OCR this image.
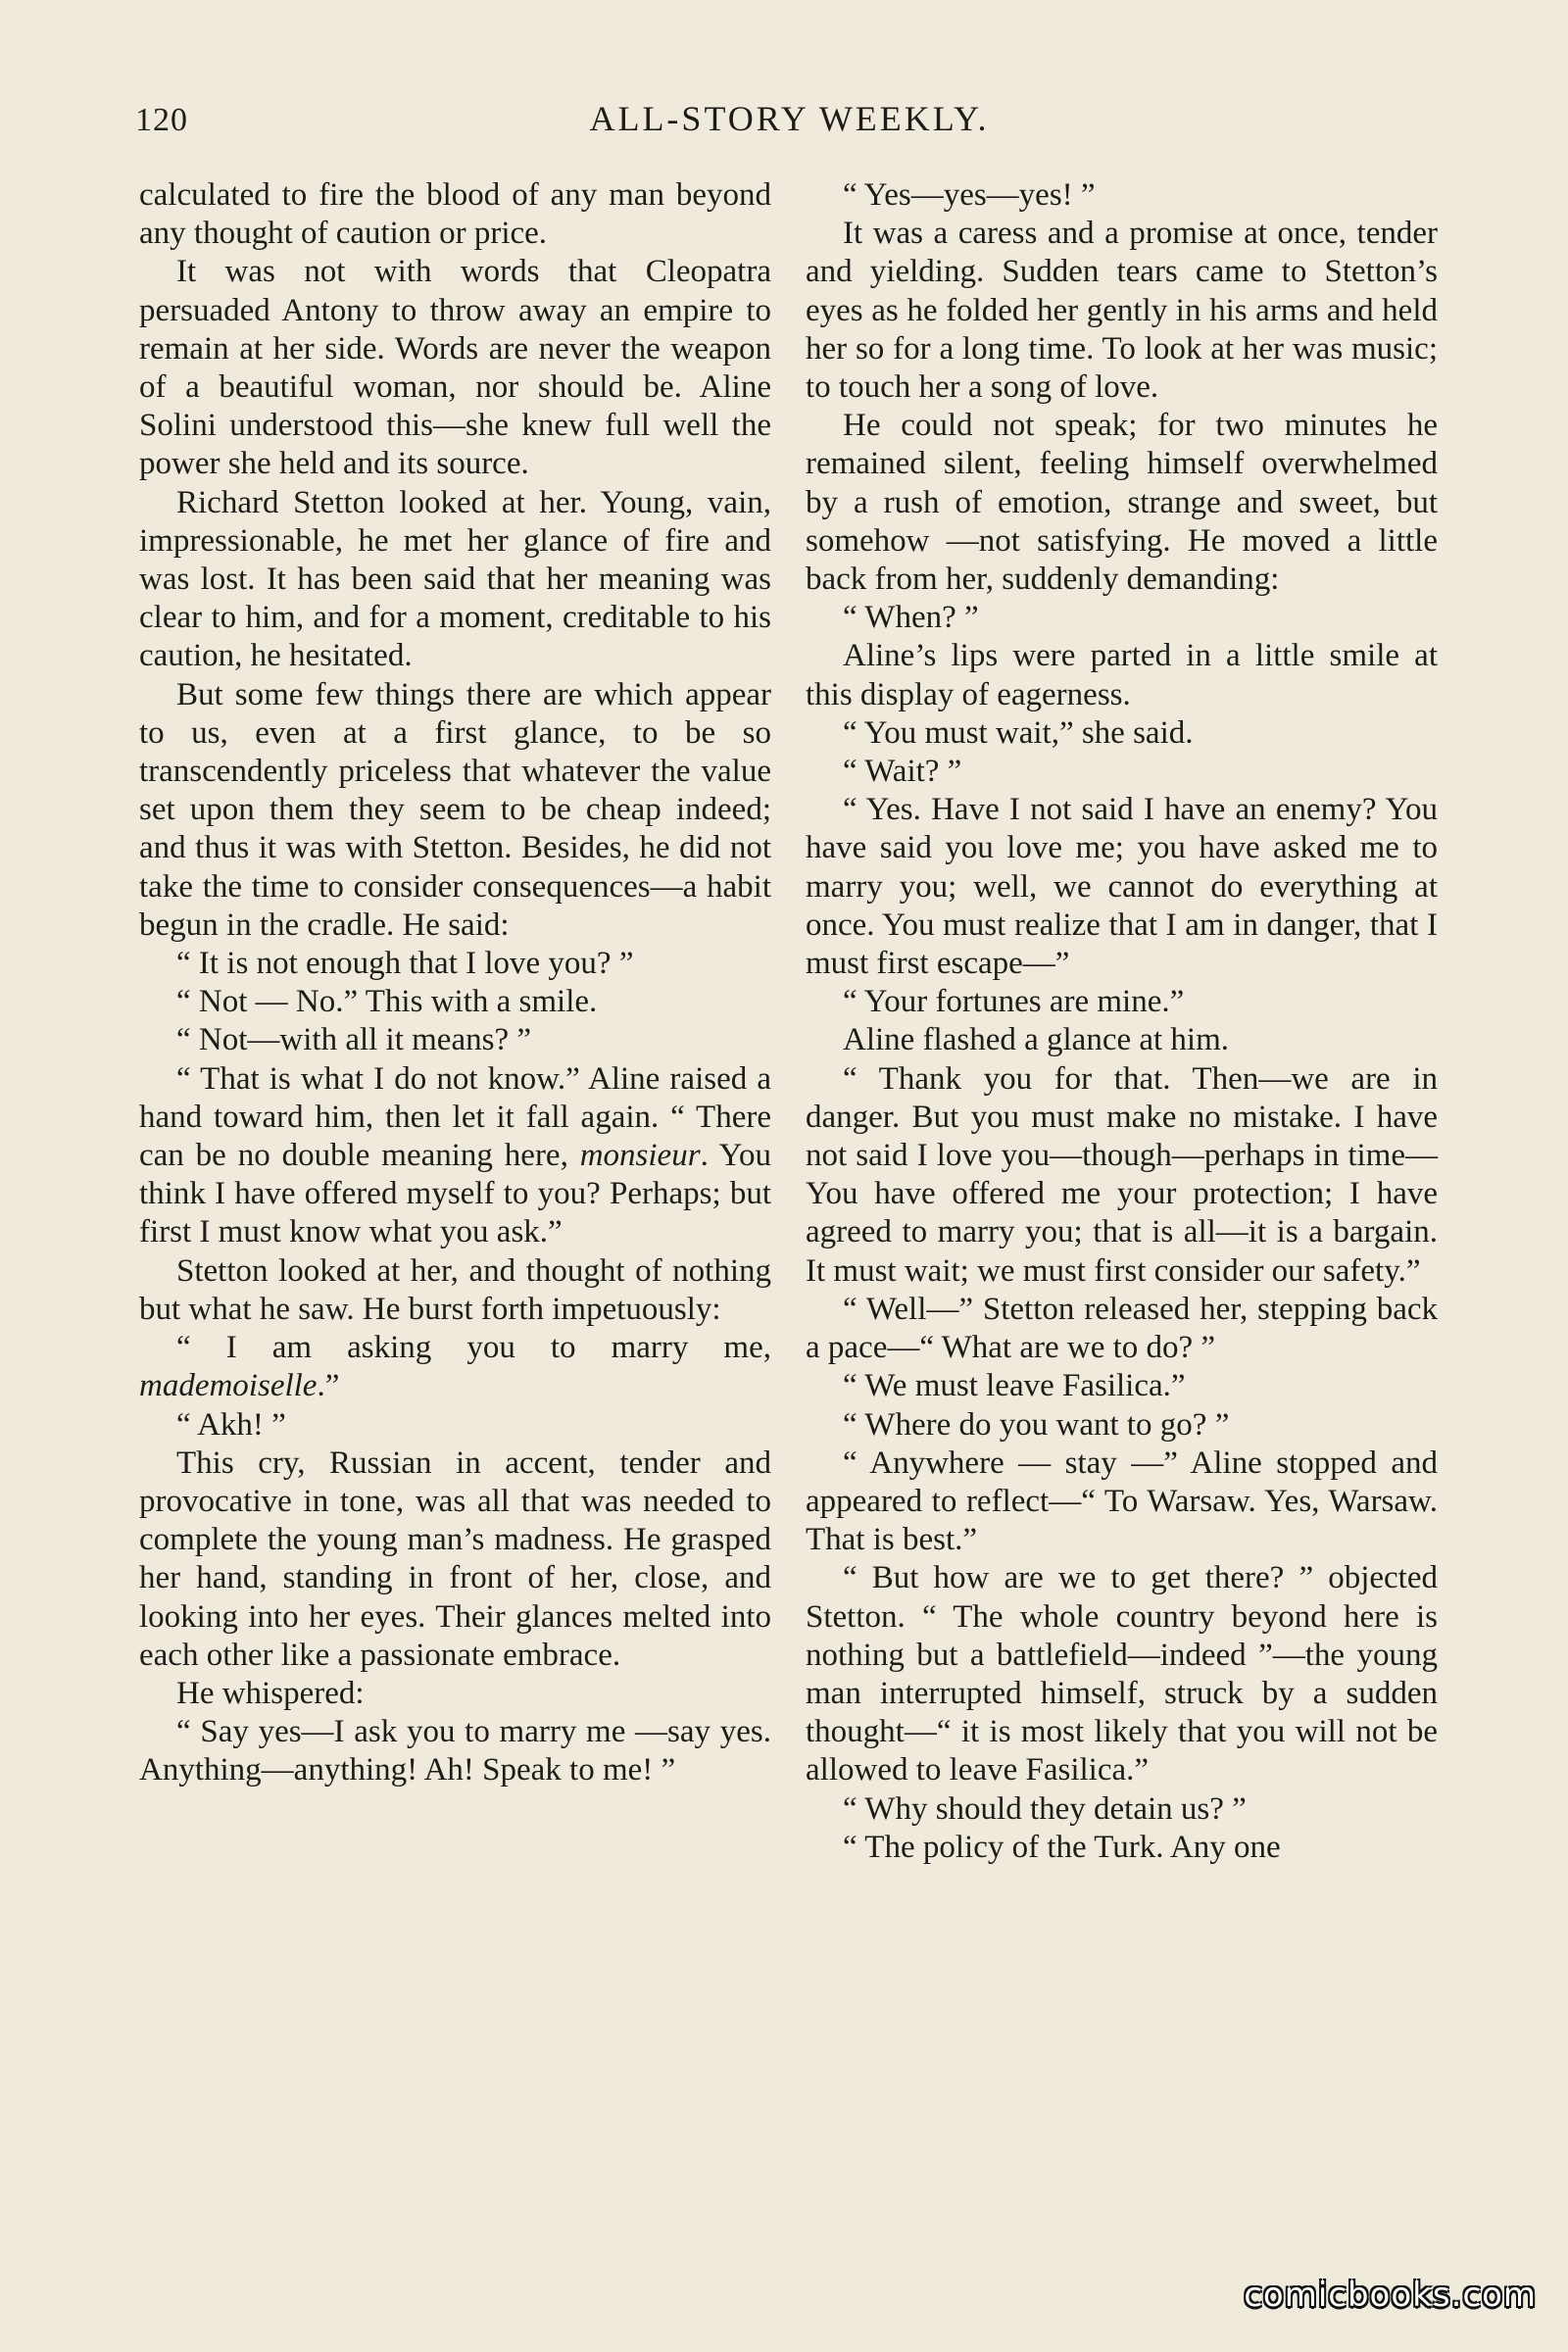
120	ALL-STORY WEEKLY.

calculated to fire the blood of any man beyond any thought of caution or price.

It was not with words that Cleopatra persuaded Antony to throw away an empire to remain at her side. Words are never the weapon of a beautiful woman, nor should be. Aline Solini understood this—she knew full well the power she held and its source.

Richard Stetton looked at her. Young, vain, impressionable, he met her glance of fire and was lost. It has been said that her meaning was clear to him, and for a moment, creditable to his caution, he hesitated.

But some few things there are which appear to us, even at a first glance, to be so transcendently priceless that whatever the value set upon them they seem to be cheap indeed; and thus it was with Stetton. Besides, he did not take the time to consider consequences—a habit begun in the cradle. He said:

“ It is not enough that I love you? ”

“ Not — No.” This with a smile.

“ Not—with all it means? ”

“ That is what I do not know.” Aline raised a hand toward him, then let it fall again. “ There can be no double meaning here, monsieur. You think I have offered myself to you? Perhaps; but first I must know what you ask.”

Stetton looked at her, and thought of nothing but what he saw. He burst forth impetuously:

“ I am asking you to marry me, mademoiselle.”

“ Akh! ”

This cry, Russian in accent, tender and provocative in tone, was all that was needed to complete the young man’s madness. He grasped her hand, standing in front of her, close, and looking into her eyes. Their glances melted into each other like a passionate embrace.

He whispered:

“ Say yes—I ask you to marry me —say yes. Anything—anything! Ah! Speak to me! ”

“ Yes—yes—yes! ”

It was a caress and a promise at once, tender and yielding. Sudden tears came to Stetton’s eyes as he folded her gently in his arms and held her so for a long time. To look at her was music; to touch her a song of love.

He could not speak; for two minutes he remained silent, feeling himself overwhelmed by a rush of emotion, strange and sweet, but somehow —not satisfying. He moved a little back from her, suddenly demanding:

“ When? ”

Aline’s lips were parted in a little smile at this display of eagerness.

“ You must wait,” she said.

“ Wait? ”

“ Yes. Have I not said I have an enemy? You have said you love me; you have asked me to marry you; well, we cannot do everything at once. You must realize that I am in danger, that I must first escape—”

“ Your fortunes are mine.”

Aline flashed a glance at him.

“ Thank you for that. Then—we are in danger. But you must make no mistake. I have not said I love you—though—perhaps in time— You have offered me your protection; I have agreed to marry you; that is all—it is a bargain. It must wait; we must first consider our safety.”

“ Well—” Stetton released her, stepping back a pace—“ What are we to do? ”

“ We must leave Fasilica.”

“ Where do you want to go? ”

“ Anywhere — stay —” Aline stopped and appeared to reflect—“ To Warsaw. Yes, Warsaw. That is best.”

“ But how are we to get there? ” objected Stetton. “ The whole country beyond here is nothing but a battlefield—indeed ”—the young man interrupted himself, struck by a sudden thought—“ it is most likely that you will not be allowed to leave Fasilica.”

“ Why should they detain us? ”

“ The policy of the Turk. Any one

comicbooks.com
